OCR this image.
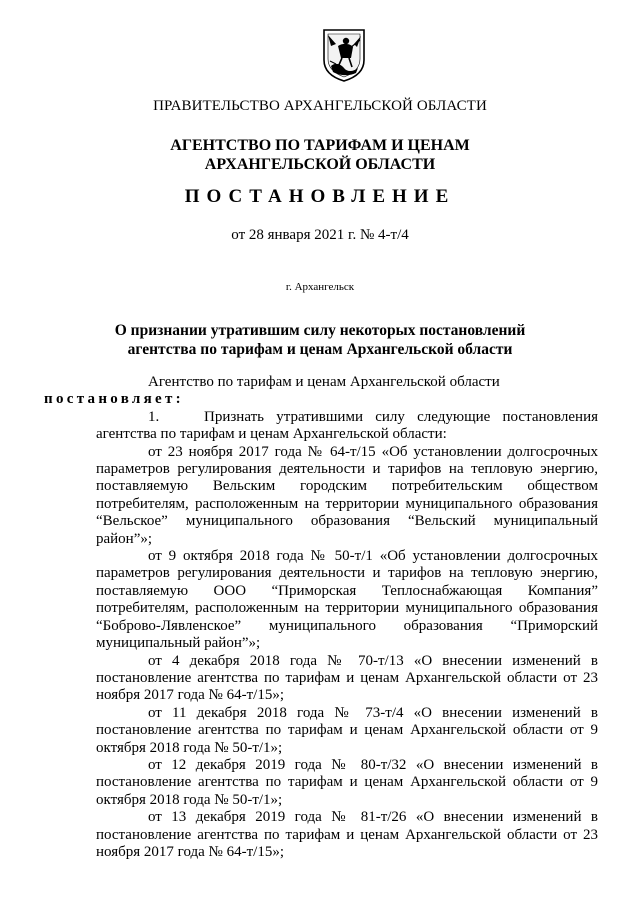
ПРАВИТЕЛЬСТВО АРХАНГЕЛЬСКОЙ ОБЛАСТИ
АГЕНТСТВО ПО ТАРИФАМ И ЦЕНАМ
АРХАНГЕЛЬСКОЙ ОБЛАСТИ
ПОСТАНОВЛЕНИЕ
от 28 января 2021 г. № 4-т/4
г. Архангельск
О признании утратившим силу некоторых постановлений
агентства по тарифам и ценам Архангельской области

Агентство по тарифам и ценам Архангельской области
постановляет:

1.	Признать утратившими силу следующие постановления агентства по тарифам и ценам Архангельской области:

от 23 ноября 2017 года № 64-т/15 «Об установлении долгосрочных параметров регулирования деятельности и тарифов на тепловую энергию, поставляемую Вельским городским потребительским обществом потребителям, расположенным на территории муниципального образования “Вельское” муниципального образования “Вельский муниципальный район”»;

от 9 октября 2018 года № 50-т/1 «Об установлении долгосрочных параметров регулирования деятельности и тарифов на тепловую энергию, поставляемую ООО “Приморская Теплоснабжающая Компания” потребителям, расположенным на территории муниципального образования “Боброво-Лявленское” муниципального образования “Приморский муниципальный район”»;

от 4 декабря 2018 года № 70-т/13 «О внесении изменений в постановление агентства по тарифам и ценам Архангельской области от 23 ноября 2017 года № 64-т/15»;

от 11 декабря 2018 года № 73-т/4 «О внесении изменений в постановление агентства по тарифам и ценам Архангельской области от 9 октября 2018 года № 50-т/1»;

от 12 декабря 2019 года № 80-т/32 «О внесении изменений в постановление агентства по тарифам и ценам Архангельской области от 9 октября 2018 года № 50-т/1»;

от 13 декабря 2019 года № 81-т/26 «О внесении изменений в постановление агентства по тарифам и ценам Архангельской области от 23 ноября 2017 года № 64-т/15»;
